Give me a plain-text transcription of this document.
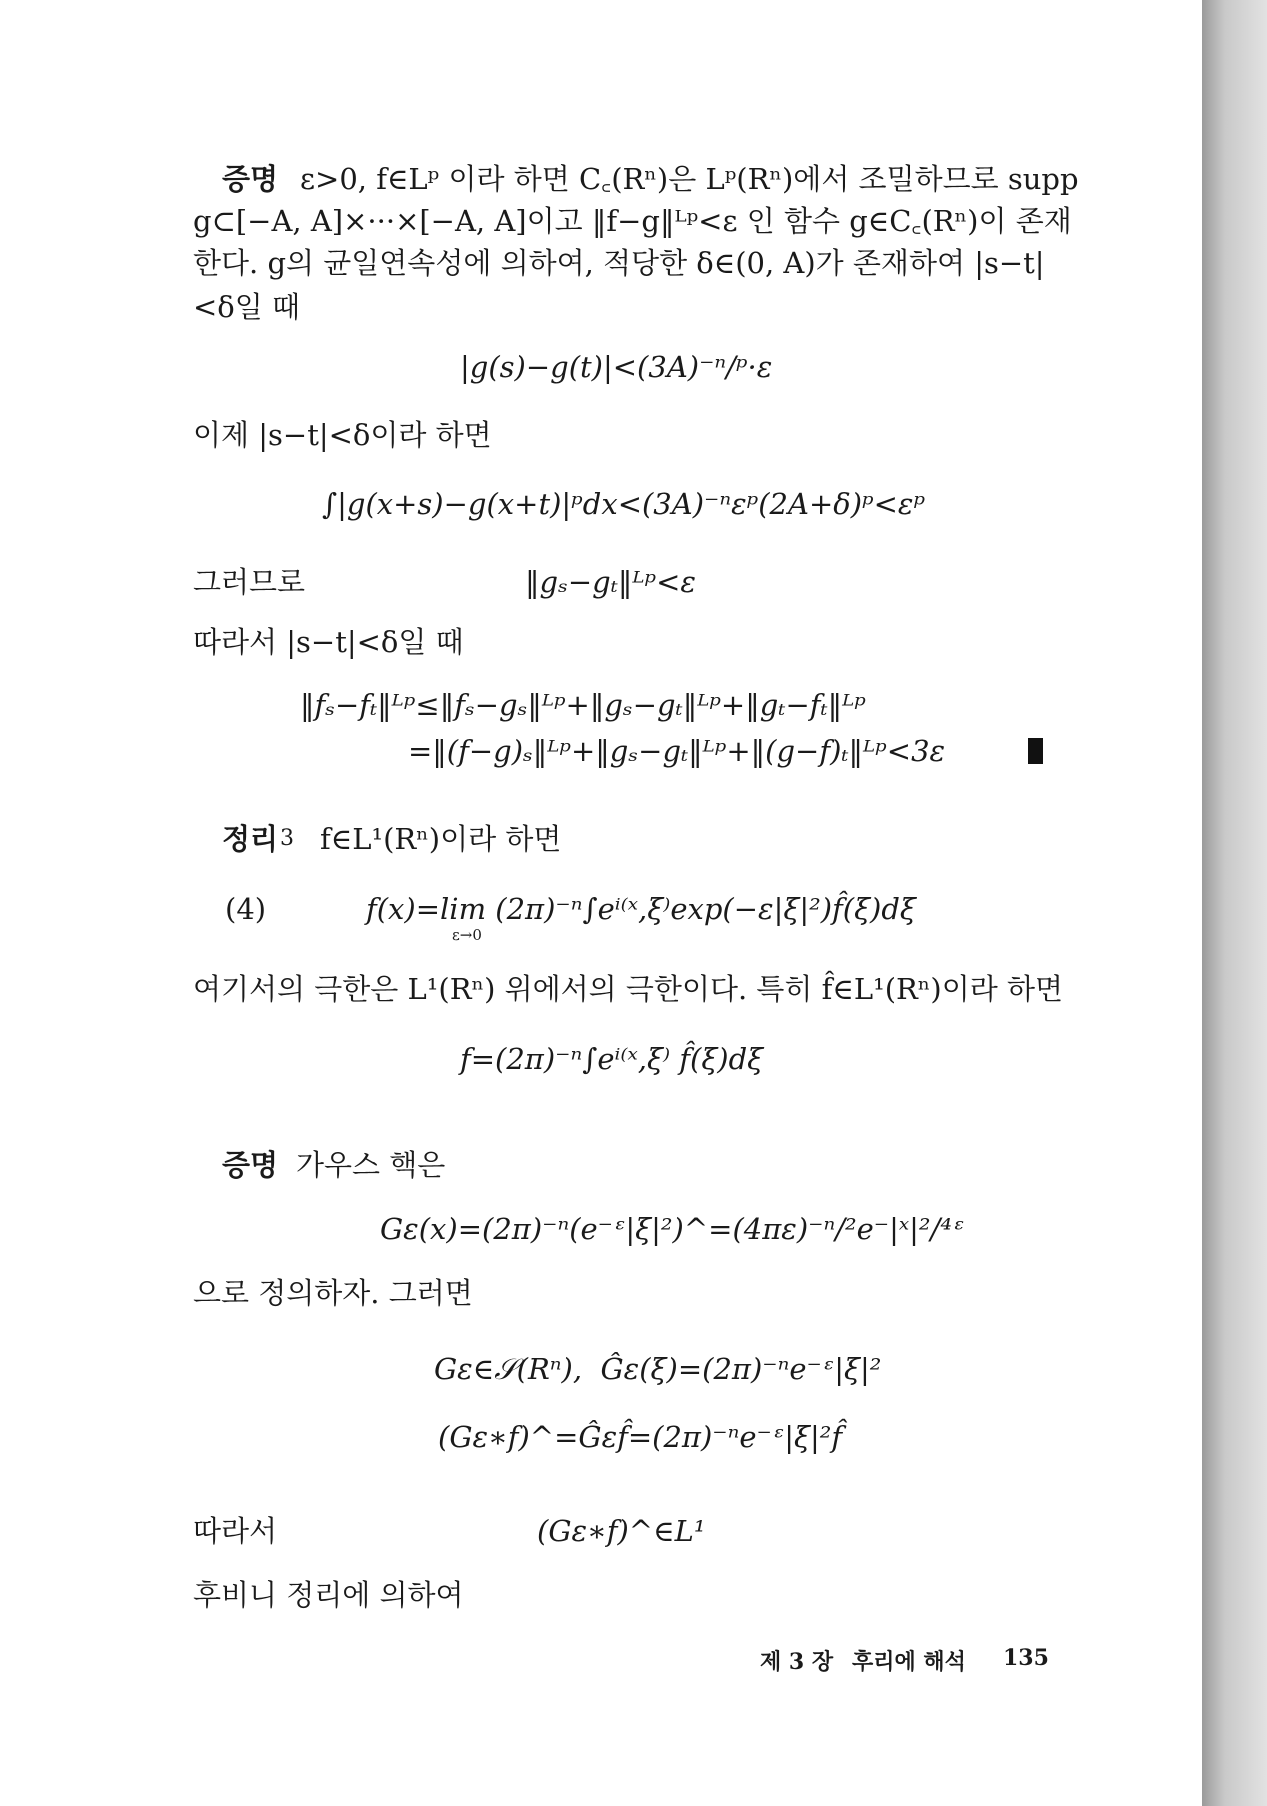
증명 ε>0, f∈Lᵖ 이라 하면 C꜀(Rⁿ)은 Lᵖ(Rⁿ)에서 조밀하므로 supp
g⊂[−A, A]×···×[−A, A]이고 ‖f−g‖ᴸᵖ<ε 인 함수 g∈C꜀(Rⁿ)이 존재
한다. g의 균일연속성에 의하여, 적당한 δ∈(0, A)가 존재하여 |s−t|
<δ일 때
|g(s)−g(t)|<(3A)⁻ⁿ/ᵖ·ε
이제 |s−t|<δ이라 하면
∫|g(x+s)−g(x+t)|ᵖdx<(3A)⁻ⁿεᵖ(2A+δ)ᵖ<εᵖ
그러므로	‖gₛ−gₜ‖ᴸᵖ<ε
따라서 |s−t|<δ일 때
‖fₛ−fₜ‖ᴸᵖ≤‖fₛ−gₛ‖ᴸᵖ+‖gₛ−gₜ‖ᴸᵖ+‖gₜ−fₜ‖ᴸᵖ
=‖(f−g)ₛ‖ᴸᵖ+‖gₛ−gₜ‖ᴸᵖ+‖(g−f)ₜ‖ᴸᵖ<3ε
정리 3 f∈L¹(Rⁿ)이라 하면
(4)	f(x)=lim (2π)⁻ⁿ∫eⁱ⁽ˣ,ξ⁾exp(−ε|ξ|²)f̂(ξ)dξ
ε→0
여기서의 극한은 L¹(Rⁿ) 위에서의 극한이다. 특히 f̂∈L¹(Rⁿ)이라 하면
f=(2π)⁻ⁿ∫eⁱ⁽ˣ,ξ⁾ f̂(ξ)dξ
증명 가우스 핵은
Gε(x)=(2π)⁻ⁿ(e⁻ᵋ|ξ|²)^=(4πε)⁻ⁿ/²e⁻|ˣ|²/⁴ᵋ
으로 정의하자. 그러면
Gε∈𝒮(Rⁿ),  Ĝε(ξ)=(2π)⁻ⁿe⁻ᵋ|ξ|²
(Gε∗f)^=Ĝεf̂=(2π)⁻ⁿe⁻ᵋ|ξ|²f̂
따라서	(Gε∗f)^∈L¹
후비니 정리에 의하여
제 3 장 후리에 해석 135
